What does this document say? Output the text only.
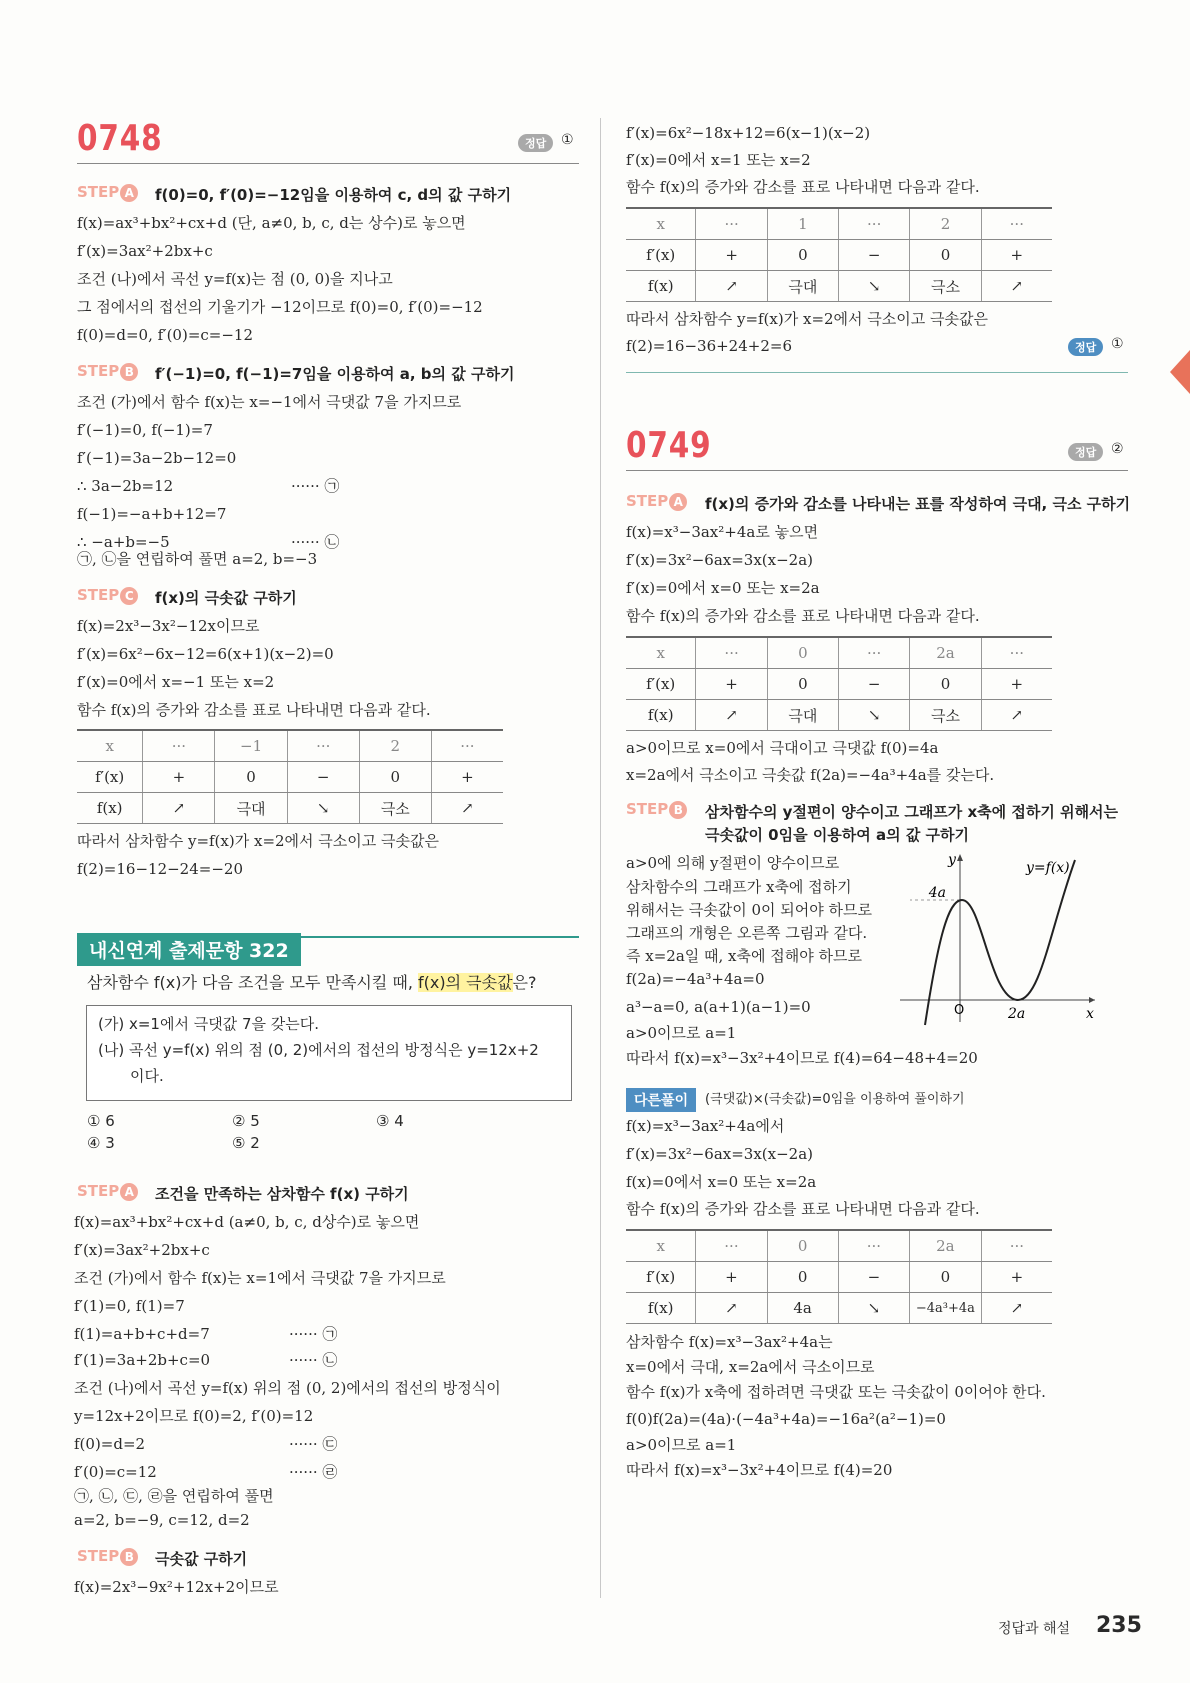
0748	정답	①
STEP A f(0)=0, f′(0)=−12임을 이용하여 c, d의 값 구하기
f(x)=ax³+bx²+cx+d (단, a≠0, b, c, d는 상수)로 놓으면
f′(x)=3ax²+2bx+c
조건 (나)에서 곡선 y=f(x)는 점 (0, 0)을 지나고
그 점에서의 접선의 기울기가 −12이므로 f(0)=0, f′(0)=−12
f(0)=d=0, f′(0)=c=−12
STEP B f′(−1)=0, f(−1)=7임을 이용하여 a, b의 값 구하기
조건 (가)에서 함수 f(x)는 x=−1에서 극댓값 7을 가지므로
f′(−1)=0, f(−1)=7
f′(−1)=3a−2b−12=0
∴ 3a−2b=12	······ ㉠
f(−1)=−a+b+12=7
∴ −a+b=−5	······ ㉡
㉠, ㉡을 연립하여 풀면 a=2, b=−3
STEP C	f(x)의 극솟값 구하기
f(x)=2x³−3x²−12x이므로
f′(x)=6x²−6x−12=6(x+1)(x−2)=0
f′(x)=0에서 x=−1 또는 x=2
함수 f(x)의 증가와 감소를 표로 나타내면 다음과 같다.
x	···	−1	···	2	···
f′(x)	+	0	−	0	+
f(x)	↗	극대	↘	극소	↗
따라서 삼차함수 y=f(x)가 x=2에서 극소이고 극솟값은
f(2)=16−12−24=−20
내신연계 출제문항 322
삼차함수 f(x)가 다음 조건을 모두 만족시킬 때, f(x)의 극솟값은?
(가) x=1에서 극댓값 7을 갖는다.
(나) 곡선 y=f(x) 위의 점 (0, 2)에서의 접선의 방정식은 y=12x+2
이다.
① 6	② 5	③ 4
④ 3	⑤ 2
STEP A 조건을 만족하는 삼차함수 f(x) 구하기
f(x)=ax³+bx²+cx+d (a≠0, b, c, d상수)로 놓으면
f′(x)=3ax²+2bx+c
조건 (가)에서 함수 f(x)는 x=1에서 극댓값 7을 가지므로
f′(1)=0, f(1)=7
f(1)=a+b+c+d=7	······ ㉠
f′(1)=3a+2b+c=0	······ ㉡
조건 (나)에서 곡선 y=f(x) 위의 점 (0, 2)에서의 접선의 방정식이
y=12x+2이므로 f(0)=2, f′(0)=12
f(0)=d=2	······ ㉢
f′(0)=c=12	······ ㉣
㉠, ㉡, ㉢, ㉣을 연립하여 풀면
a=2, b=−9, c=12, d=2
STEP B 극솟값 구하기
f(x)=2x³−9x²+12x+2이므로
f′(x)=6x²−18x+12=6(x−1)(x−2)
f′(x)=0에서 x=1 또는 x=2
함수 f(x)의 증가와 감소를 표로 나타내면 다음과 같다.
x	···	1	···	2	···
f′(x)	+	0	−	0	+
f(x)	↗	극대	↘	극소	↗
따라서 삼차함수 y=f(x)가 x=2에서 극소이고 극솟값은
f(2)=16−36+24+2=6	정답	①
0749	정답	②
STEP A f(x)의 증가와 감소를 나타내는 표를 작성하여 극대, 극소 구하기
f(x)=x³−3ax²+4a로 놓으면
f′(x)=3x²−6ax=3x(x−2a)
f′(x)=0에서 x=0 또는 x=2a
함수 f(x)의 증가와 감소를 표로 나타내면 다음과 같다.
x	···	0	···	2a	···
f′(x)	+	0	−	0	+
f(x)	↗	극대	↘	극소	↗
a>0이므로 x=0에서 극대이고 극댓값 f(0)=4a
x=2a에서 극소이고 극솟값 f(2a)=−4a³+4a를 갖는다.
STEP B 삼차함수의 y절편이 양수이고 그래프가 x축에 접하기 위해서는
극솟값이 0임을 이용하여 a의 값 구하기
a>0에 의해 y절편이 양수이므로
삼차함수의 그래프가 x축에 접하기
위해서는 극솟값이 0이 되어야 하므로
그래프의 개형은 오른쪽 그림과 같다.
즉 x=2a일 때, x축에 접해야 하므로
f(2a)=−4a³+4a=0
a³−a=0, a(a+1)(a−1)=0
a>0이므로 a=1
따라서 f(x)=x³−3x²+4이므로 f(4)=64−48+4=20
O	2a
4a
x
y	y=f(x)
다른풀이	(극댓값)×(극솟값)=0임을 이용하여 풀이하기
f(x)=x³−3ax²+4a에서
f′(x)=3x²−6ax=3x(x−2a)
f(x)=0에서 x=0 또는 x=2a
함수 f(x)의 증가와 감소를 표로 나타내면 다음과 같다.
x	···	0	···	2a	···
f′(x)	+	0	−	0	+
f(x)	↗	4a	↘	−4a³+4a	↗
삼차함수 f(x)=x³−3ax²+4a는
x=0에서 극대, x=2a에서 극소이므로
함수 f(x)가 x축에 접하려면 극댓값 또는 극솟값이 0이어야 한다.
f(0)f(2a)=(4a)·(−4a³+4a)=−16a²(a²−1)=0
a>0이므로 a=1
따라서 f(x)=x³−3x²+4이므로 f(4)=20
정답과 해설 235
